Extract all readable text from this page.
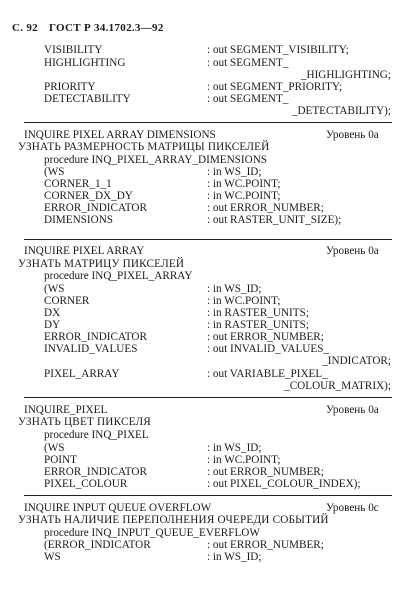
С. 92 ГОСТ Р 34.1702.3—92
VISIBILITY	: out SEGMENT_VISIBILITY;
HIGHLIGHTING	: out SEGMENT_
_HIGHLIGHTING;
PRIORITY	: out SEGMENT_PRIORITY;
DETECTABILITY	: out SEGMENT_
_DETECTABILITY);
INQUIRE PIXEL ARRAY DIMENSIONS	Уровень 0a
УЗНАТЬ РАЗМЕРНОСТЬ МАТРИЦЫ ПИКСЕЛЕЙ
procedure INQ_PIXEL_ARRAY_DIMENSIONS
(WS	: in WS_ID;
CORNER_1_1	: in WC.POINT;
CORNER_DX_DY	: in WC.POINT;
ERROR_INDICATOR	: out ERROR_NUMBER;
DIMENSIONS	: out RASTER_UNIT_SIZE);
INQUIRE PIXEL ARRAY	Уровень 0a
УЗНАТЬ МАТРИЦУ ПИКСЕЛЕЙ
procedure INQ_PIXEL_ARRAY
(WS	: in WS_ID;
CORNER	: in WC.POINT;
DX	: in RASTER_UNITS;
DY	: in RASTER_UNITS;
ERROR_INDICATOR	: out ERROR_NUMBER;
INVALID_VALUES	: out INVALID_VALUES_
_INDICATOR;
PIXEL_ARRAY	: out VARIABLE_PIXEL_
_COLOUR_MATRIX);
INQUIRE_PIXEL	Уровень 0a
УЗНАТЬ ЦВЕТ ПИКСЕЛЯ
procedure INQ_PIXEL
(WS	: in WS_ID;
POINT	: in WC.POINT;
ERROR_INDICATOR	: out ERROR_NUMBER;
PIXEL_COLOUR	: out PIXEL_COLOUR_INDEX);
INQUIRE INPUT QUEUE OVERFLOW	Уровень 0c
УЗНАТЬ НАЛИЧИЕ ПЕРЕПОЛНЕНИЯ ОЧЕРЕДИ СОБЫТИЙ
procedure INQ_INPUT_QUEUE_EVERFLOW
(ERROR_INDICATOR	: out ERROR_NUMBER;
WS	: in WS_ID;
